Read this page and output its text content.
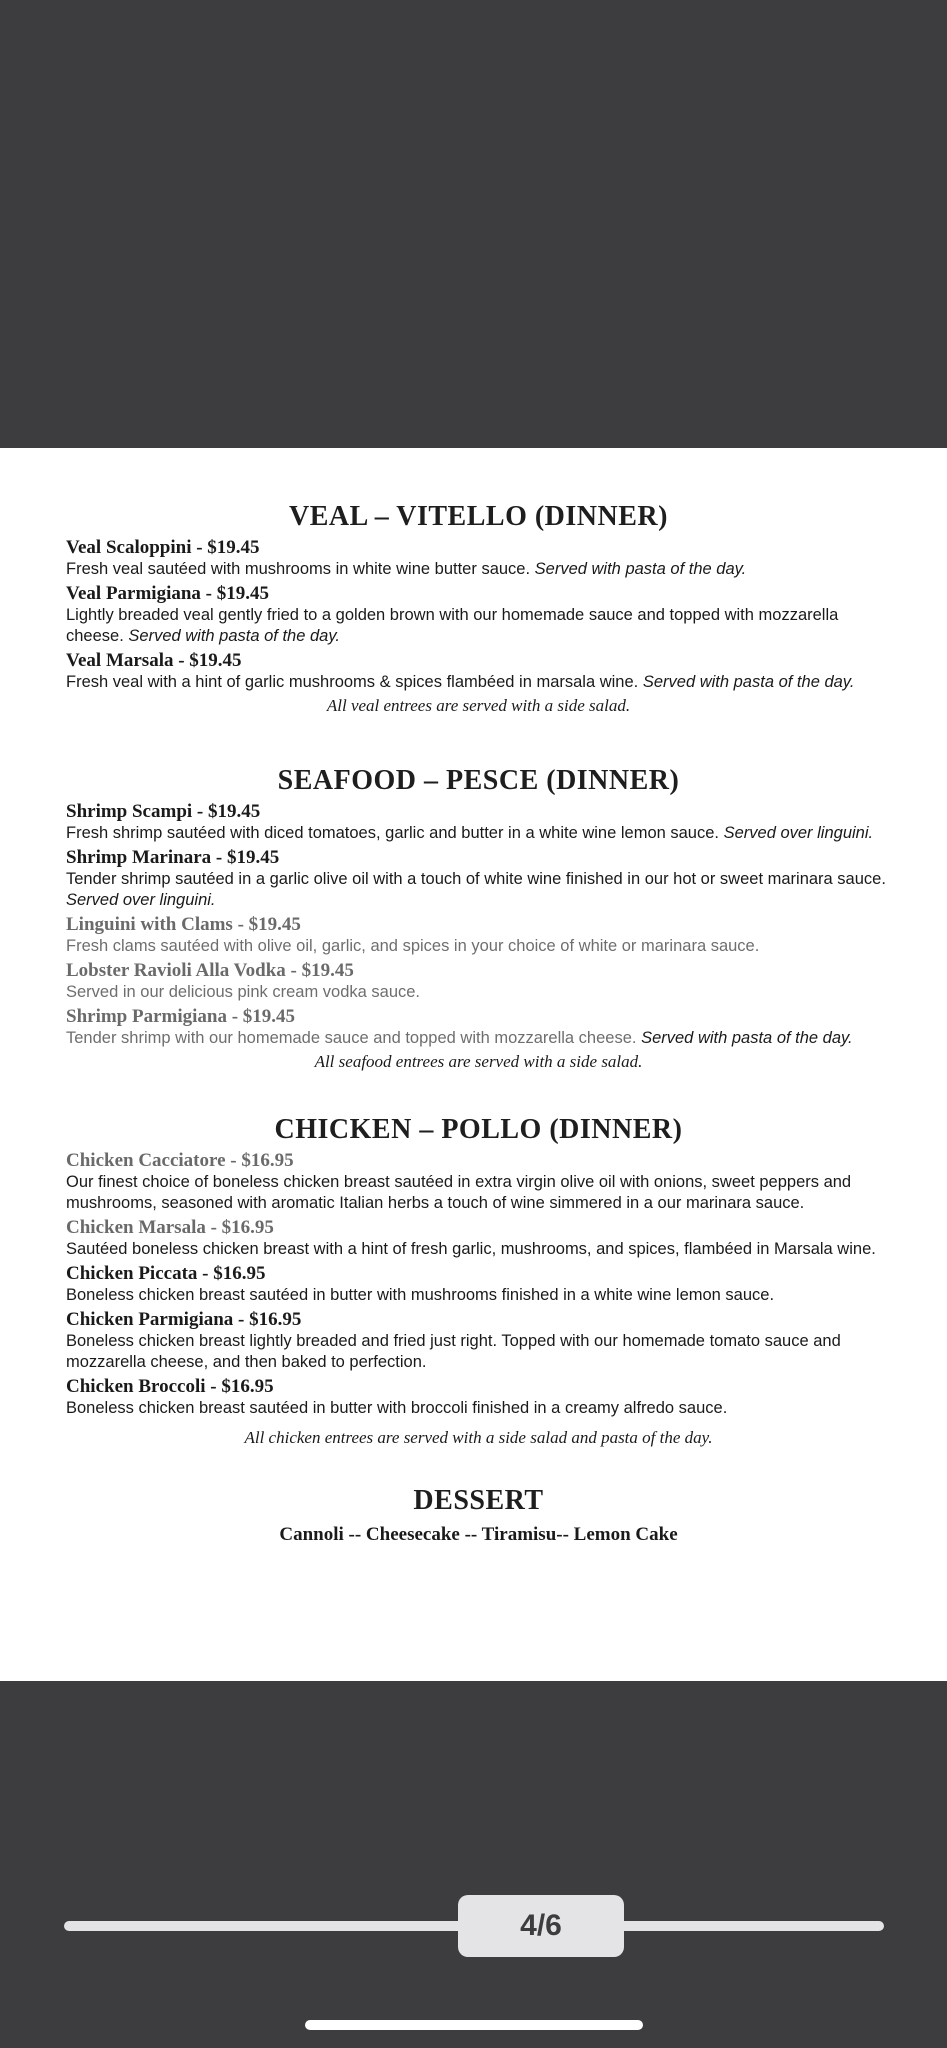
VEAL – VITELLO (DINNER)
Veal Scaloppini - $19.45
Fresh veal sautéed with mushrooms in white wine butter sauce. Served with pasta of the day.
Veal Parmigiana - $19.45
Lightly breaded veal gently fried to a golden brown with our homemade sauce and topped with mozzarella cheese. Served with pasta of the day.
Veal Marsala - $19.45
Fresh veal with a hint of garlic mushrooms & spices flambéed in marsala wine. Served with pasta of the day.
All veal entrees are served with a side salad.
SEAFOOD – PESCE (DINNER)
Shrimp Scampi - $19.45
Fresh shrimp sautéed with diced tomatoes, garlic and butter in a white wine lemon sauce. Served over linguini.
Shrimp Marinara - $19.45
Tender shrimp sautéed in a garlic olive oil with a touch of white wine finished in our hot or sweet marinara sauce. Served over linguini.
Linguini with Clams - $19.45
Fresh clams sautéed with olive oil, garlic, and spices in your choice of white or marinara sauce.
Lobster Ravioli Alla Vodka - $19.45
Served in our delicious pink cream vodka sauce.
Shrimp Parmigiana - $19.45
Tender shrimp with our homemade sauce and topped with mozzarella cheese. Served with pasta of the day.
All seafood entrees are served with a side salad.
CHICKEN – POLLO (DINNER)
Chicken Cacciatore - $16.95
Our finest choice of boneless chicken breast sautéed in extra virgin olive oil with onions, sweet peppers and mushrooms, seasoned with aromatic Italian herbs a touch of wine simmered in a our marinara sauce.
Chicken Marsala - $16.95
Sautéed boneless chicken breast with a hint of fresh garlic, mushrooms, and spices, flambéed in Marsala wine.
Chicken Piccata - $16.95
Boneless chicken breast sautéed in butter with mushrooms finished in a white wine lemon sauce.
Chicken Parmigiana - $16.95
Boneless chicken breast lightly breaded and fried just right. Topped with our homemade tomato sauce and mozzarella cheese, and then baked to perfection.
Chicken Broccoli - $16.95
Boneless chicken breast sautéed in butter with broccoli finished in a creamy alfredo sauce.
All chicken entrees are served with a side salad and pasta of the day.
DESSERT
Cannoli -- Cheesecake -- Tiramisu-- Lemon Cake
4/6
